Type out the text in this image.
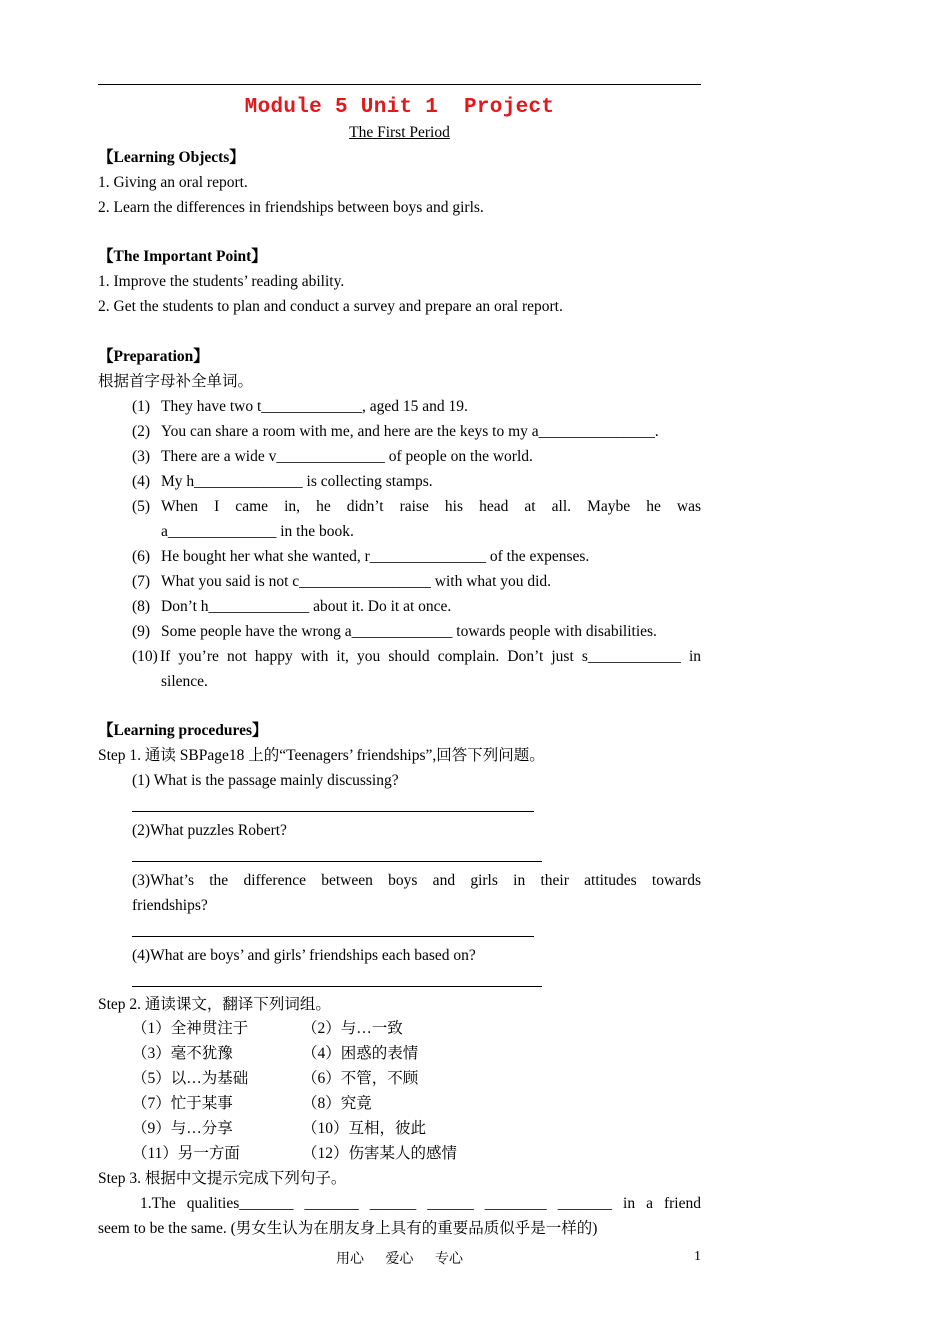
Module 5 Unit 1  Project
The First Period
【Learning Objects】
1. Giving an oral report.
2. Learn the differences in friendships between boys and girls.
【The Important Point】
1. Improve the students’ reading ability.
2. Get the students to plan and conduct a survey and prepare an oral report.
【Preparation】
根据首字母补全单词。
(1) They have two t_____________, aged 15 and 19.
(2) You can share a room with me, and here are the keys to my a_______________.
(3) There are a wide v______________ of people on the world.
(4) My h______________ is collecting stamps.
(5) When I came in, he didn’t raise his head at all. Maybe he was
a______________ in the book.
(6) He bought her what she wanted, r_______________ of the expenses.
(7) What you said is not c_________________ with what you did.
(8) Don’t h_____________ about it. Do it at once.
(9) Some people have the wrong a_____________ towards people with disabilities.
(10) If you’re not happy with it, you should complain. Don’t just s____________ in
silence.
【Learning procedures】
Step 1. 通读 SBPage18 上的“Teenagers’ friendships”,回答下列问题。
(1) What is the passage mainly discussing?
(2)What puzzles Robert?
(3)What’s the difference between boys and girls in their attitudes towards
friendships?
(4)What are boys’ and girls’ friendships each based on?
Step 2. 通读课文，翻译下列词组。
（1）全神贯注于	（2）与…一致
（3）毫不犹豫	（4）困惑的表情
（5）以…为基础	（6）不管，不顾
（7）忙于某事	（8）究竟
（9）与…分享	（10）互相，彼此
（11）另一方面	（12）伤害某人的感情
Step 3. 根据中文提示完成下列句子。
1.The qualities_______ _______ ______ ______ ________ _______ in a friend
seem to be the same. (男女生认为在朋友身上具有的重要品质似乎是一样的)
用心 爱心 专心	1
